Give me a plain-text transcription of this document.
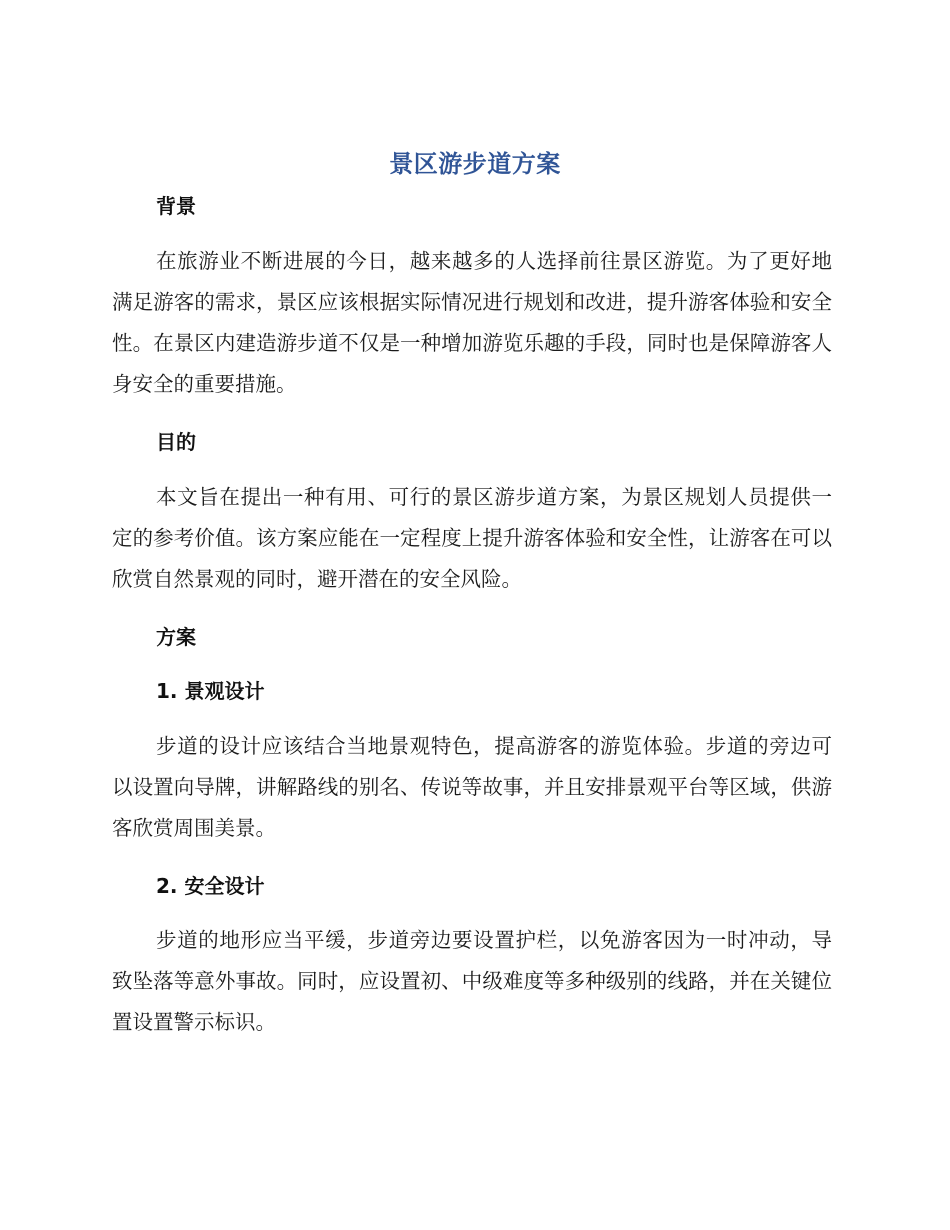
景区游步道方案
背景
在旅游业不断进展的今日，越来越多的人选择前往景区游览。为了更好地满足游客的需求，景区应该根据实际情况进行规划和改进，提升游客体验和安全性。在景区内建造游步道不仅是一种增加游览乐趣的手段，同时也是保障游客人身安全的重要措施。
目的
本文旨在提出一种有用、可行的景区游步道方案，为景区规划人员提供一定的参考价值。该方案应能在一定程度上提升游客体验和安全性，让游客在可以欣赏自然景观的同时，避开潜在的安全风险。
方案
1. 景观设计
步道的设计应该结合当地景观特色，提高游客的游览体验。步道的旁边可以设置向导牌，讲解路线的别名、传说等故事，并且安排景观平台等区域，供游客欣赏周围美景。
2. 安全设计
步道的地形应当平缓，步道旁边要设置护栏，以免游客因为一时冲动，导致坠落等意外事故。同时，应设置初、中级难度等多种级别的线路，并在关键位置设置警示标识。
